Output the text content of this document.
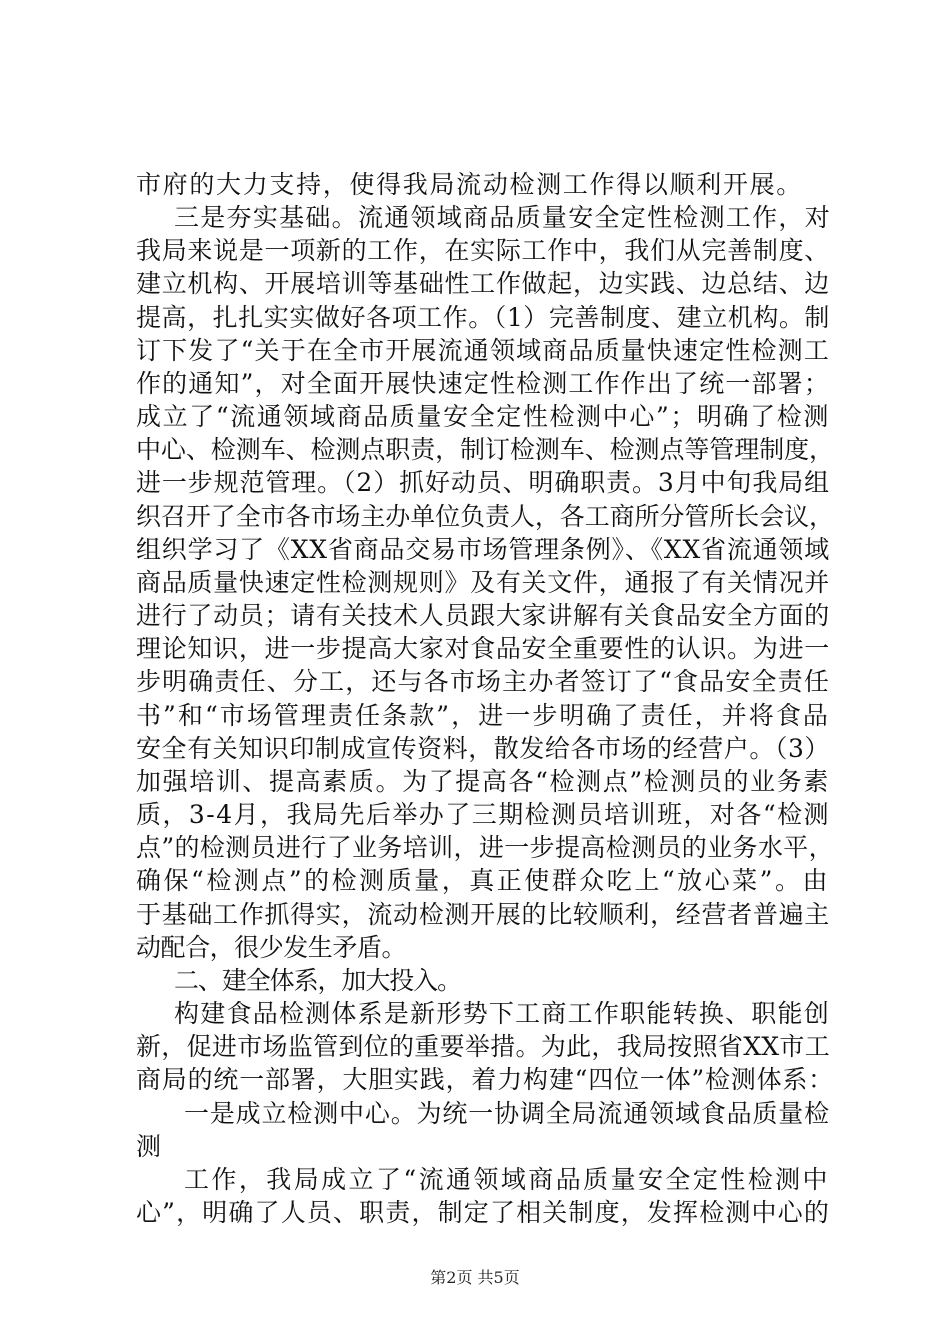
市府的大力支持，使得我局流动检测工作得以顺利开展。
三是夯实基础。流通领域商品质量安全定性检测工作，对
我局来说是一项新的工作，在实际工作中，我们从完善制度、
建立机构、开展培训等基础性工作做起，边实践、边总结、边
提高，扎扎实实做好各项工作。（1）完善制度、建立机构。制
订下发了“关于在全市开展流通领域商品质量快速定性检测工
作的通知”，对全面开展快速定性检测工作作出了统一部署；
成立了“流通领域商品质量安全定性检测中心”；明确了检测
中心、检测车、检测点职责，制订检测车、检测点等管理制度，
进一步规范管理。（2）抓好动员、明确职责。3月中旬我局组
织召开了全市各市场主办单位负责人，各工商所分管所长会议，
组织学习了《XX省商品交易市场管理条例》、《XX省流通领域
商品质量快速定性检测规则》及有关文件，通报了有关情况并
进行了动员；请有关技术人员跟大家讲解有关食品安全方面的
理论知识，进一步提高大家对食品安全重要性的认识。为进一
步明确责任、分工，还与各市场主办者签订了“食品安全责任
书”和“市场管理责任条款”，进一步明确了责任，并将食品
安全有关知识印制成宣传资料，散发给各市场的经营户。（3）
加强培训、提高素质。为了提高各“检测点”检测员的业务素
质，3-4月，我局先后举办了三期检测员培训班，对各“检测
点”的检测员进行了业务培训，进一步提高检测员的业务水平，
确保“检测点”的检测质量，真正使群众吃上“放心菜”。由
于基础工作抓得实，流动检测开展的比较顺利，经营者普遍主
动配合，很少发生矛盾。
二、建全体系，加大投入。
构建食品检测体系是新形势下工商工作职能转换、职能创
新，促进市场监管到位的重要举措。为此，我局按照省XX市工
商局的统一部署，大胆实践，着力构建“四位一体”检测体系：
一是成立检测中心。为统一协调全局流通领域食品质量检
测
工作，我局成立了“流通领域商品质量安全定性检测中
心”，明确了人员、职责，制定了相关制度，发挥检测中心的
第2页 共5页
